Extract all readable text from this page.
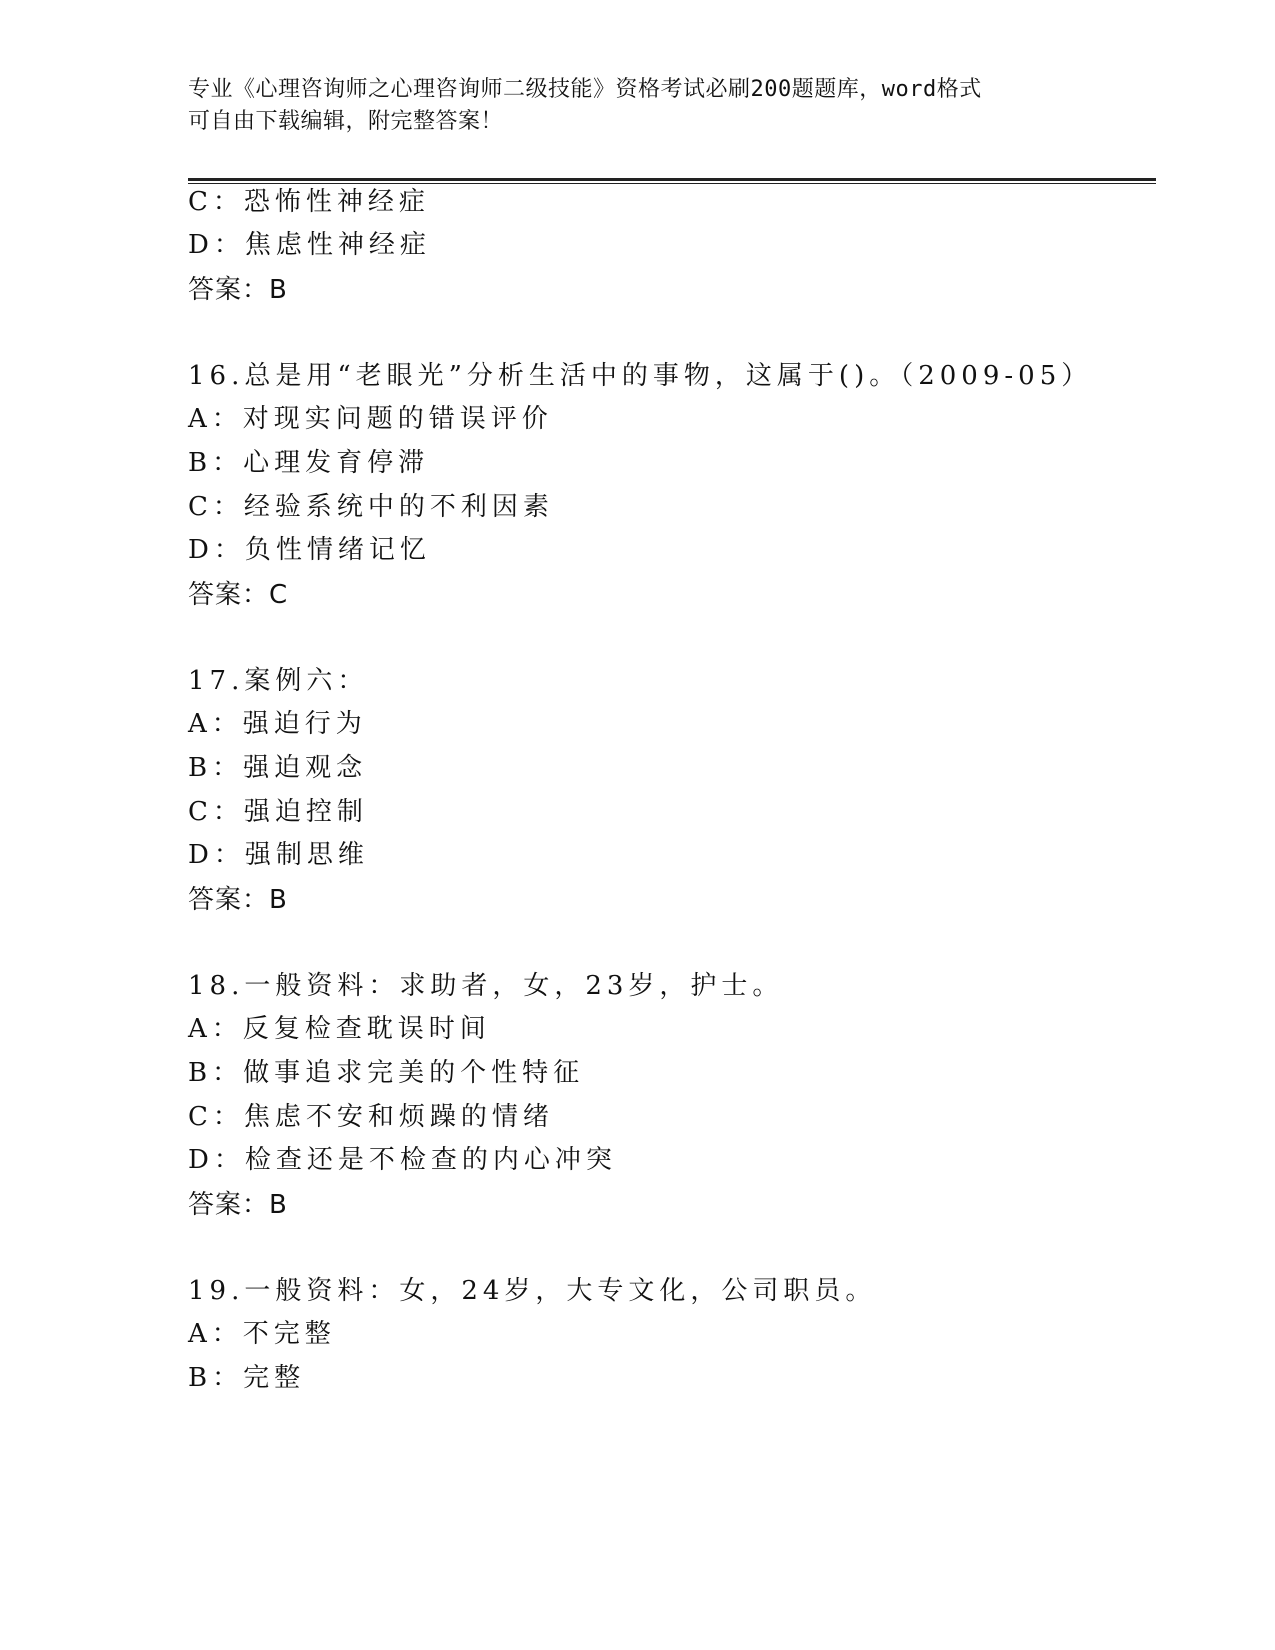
专业《心理咨询师之心理咨询师二级技能》资格考试必刷200题题库，word格式
可自由下载编辑，附完整答案！
C：恐怖性神经症
D：焦虑性神经症
答案：B
16.总是用“老眼光”分析生活中的事物，这属于()。（2009-05）
A：对现实问题的错误评价
B：心理发育停滞
C：经验系统中的不利因素
D：负性情绪记忆
答案：C
17.案例六：
A：强迫行为
B：强迫观念
C：强迫控制
D：强制思维
答案：B
18.一般资料：求助者，女，23岁，护士。
A：反复检查耽误时间
B：做事追求完美的个性特征
C：焦虑不安和烦躁的情绪
D：检查还是不检查的内心冲突
答案：B
19.一般资料：女，24岁，大专文化，公司职员。
A：不完整
B：完整
